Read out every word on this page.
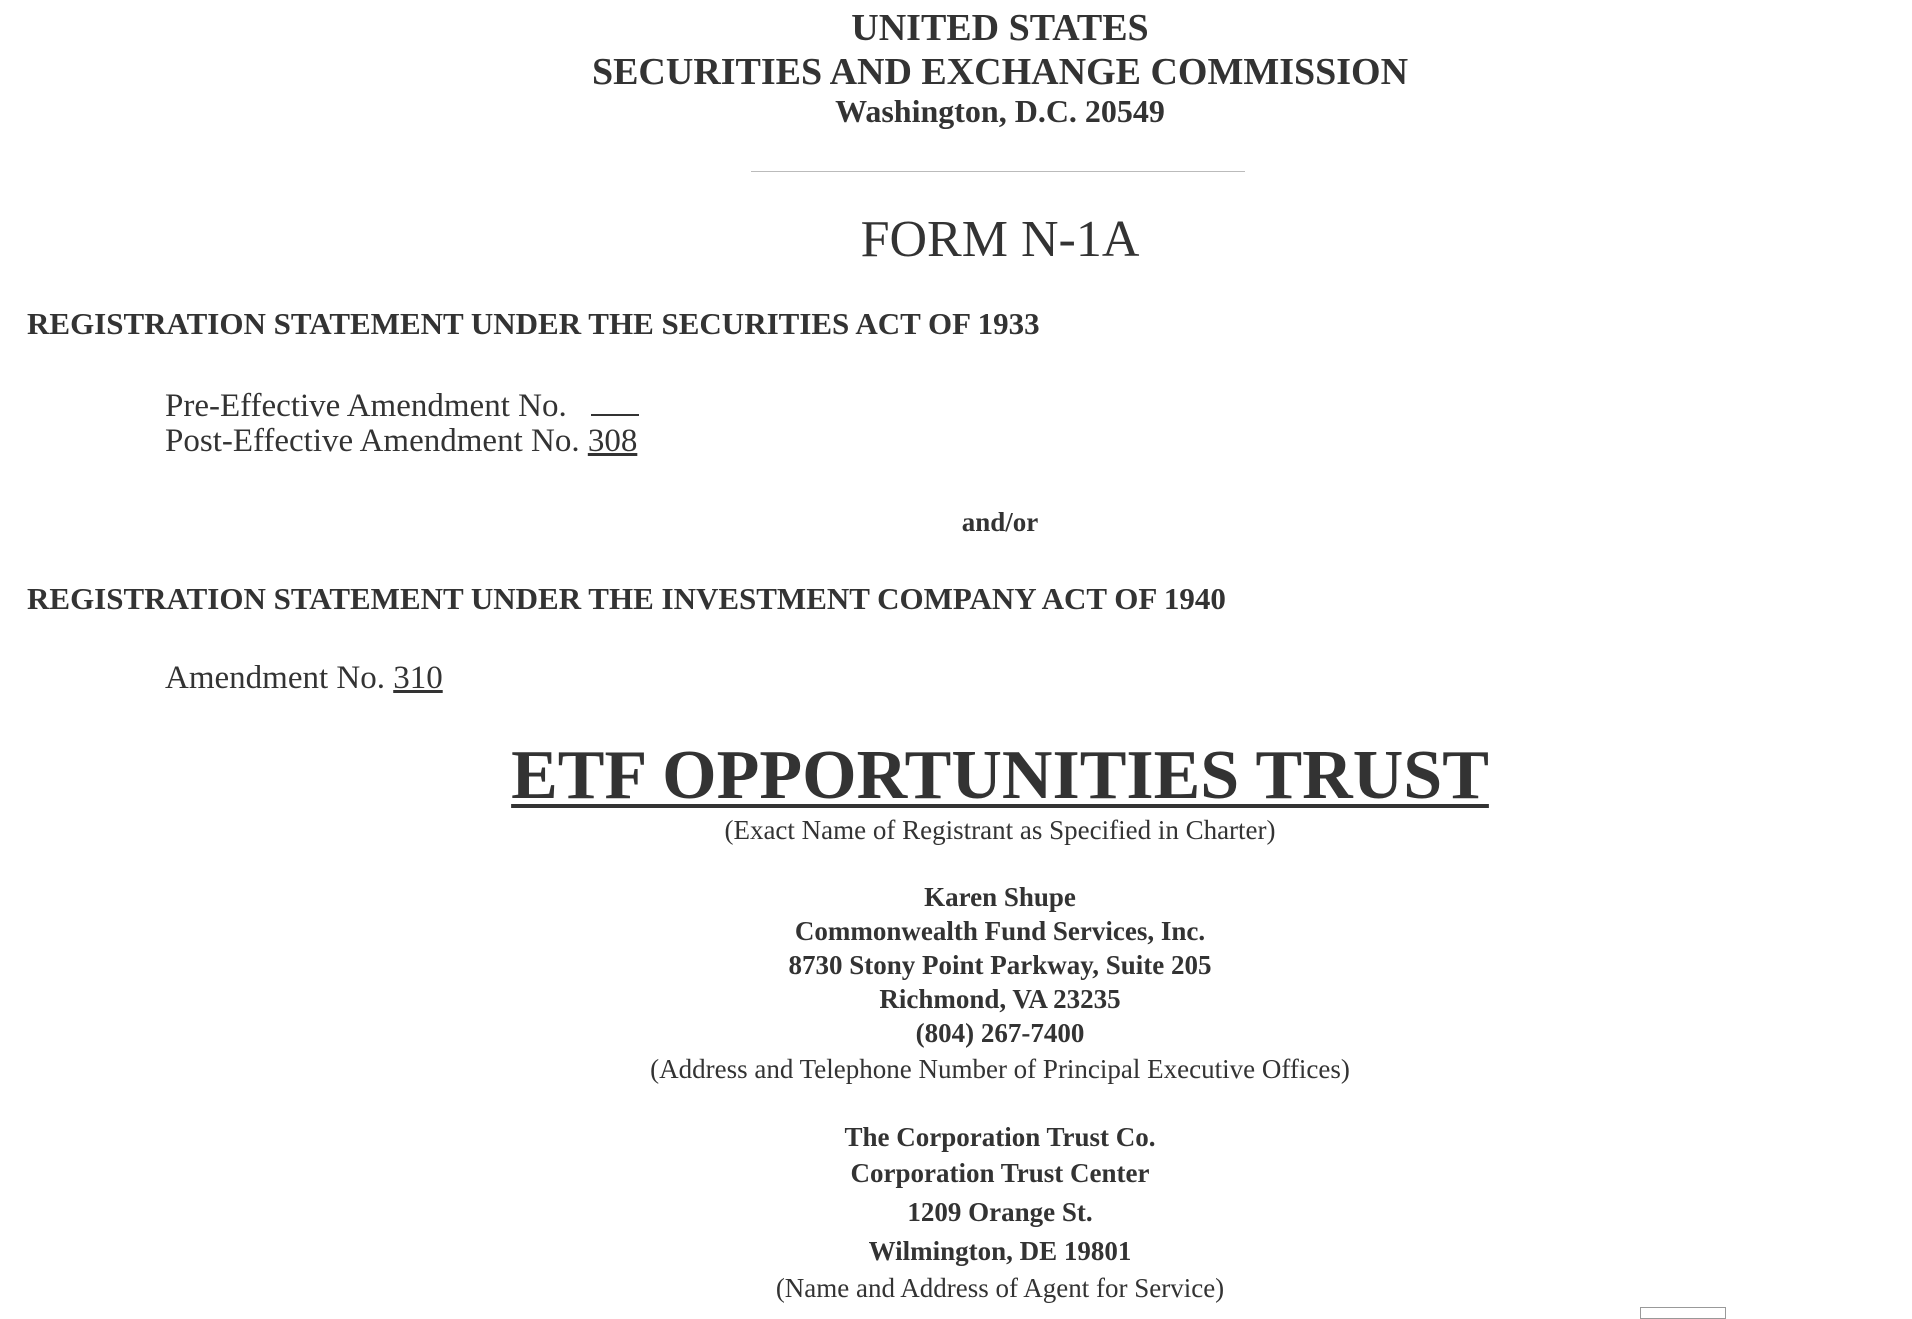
UNITED STATES
SECURITIES AND EXCHANGE COMMISSION
Washington, D.C. 20549
FORM N-1A
REGISTRATION STATEMENT UNDER THE SECURITIES ACT OF 1933
Pre-Effective Amendment No.
Post-Effective Amendment No. 308
and/or
REGISTRATION STATEMENT UNDER THE INVESTMENT COMPANY ACT OF 1940
Amendment No. 310
ETF OPPORTUNITIES TRUST
(Exact Name of Registrant as Specified in Charter)
Karen Shupe
Commonwealth Fund Services, Inc.
8730 Stony Point Parkway, Suite 205
Richmond, VA 23235
(804) 267-7400
(Address and Telephone Number of Principal Executive Offices)
The Corporation Trust Co.
Corporation Trust Center
1209 Orange St.
Wilmington, DE 19801
(Name and Address of Agent for Service)
